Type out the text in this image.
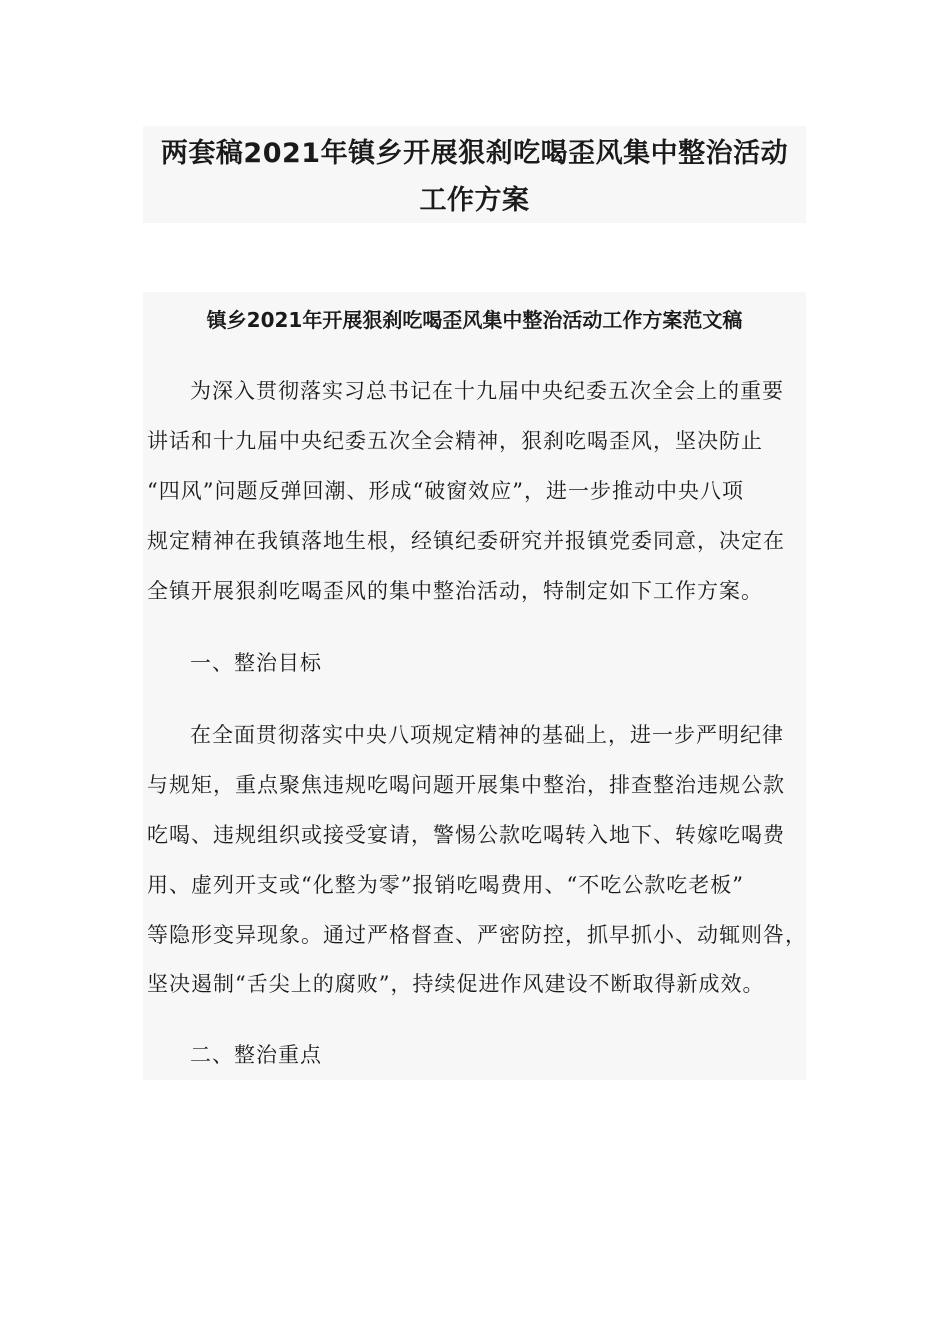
两套稿2021年镇乡开展狠刹吃喝歪风集中整治活动
工作方案
镇乡2021年开展狠刹吃喝歪风集中整治活动工作方案范文稿
为深入贯彻落实习总书记在十九届中央纪委五次全会上的重要
讲话和十九届中央纪委五次全会精神，狠刹吃喝歪风，坚决防止
“四风”问题反弹回潮、形成“破窗效应”，进一步推动中央八项
规定精神在我镇落地生根，经镇纪委研究并报镇党委同意，决定在
全镇开展狠刹吃喝歪风的集中整治活动，特制定如下工作方案。
一、整治目标
在全面贯彻落实中央八项规定精神的基础上，进一步严明纪律
与规矩，重点聚焦违规吃喝问题开展集中整治，排查整治违规公款
吃喝、违规组织或接受宴请，警惕公款吃喝转入地下、转嫁吃喝费
用、虚列开支或“化整为零”报销吃喝费用、“不吃公款吃老板”
等隐形变异现象。通过严格督查、严密防控，抓早抓小、动辄则咎，
坚决遏制“舌尖上的腐败”，持续促进作风建设不断取得新成效。
二、整治重点
